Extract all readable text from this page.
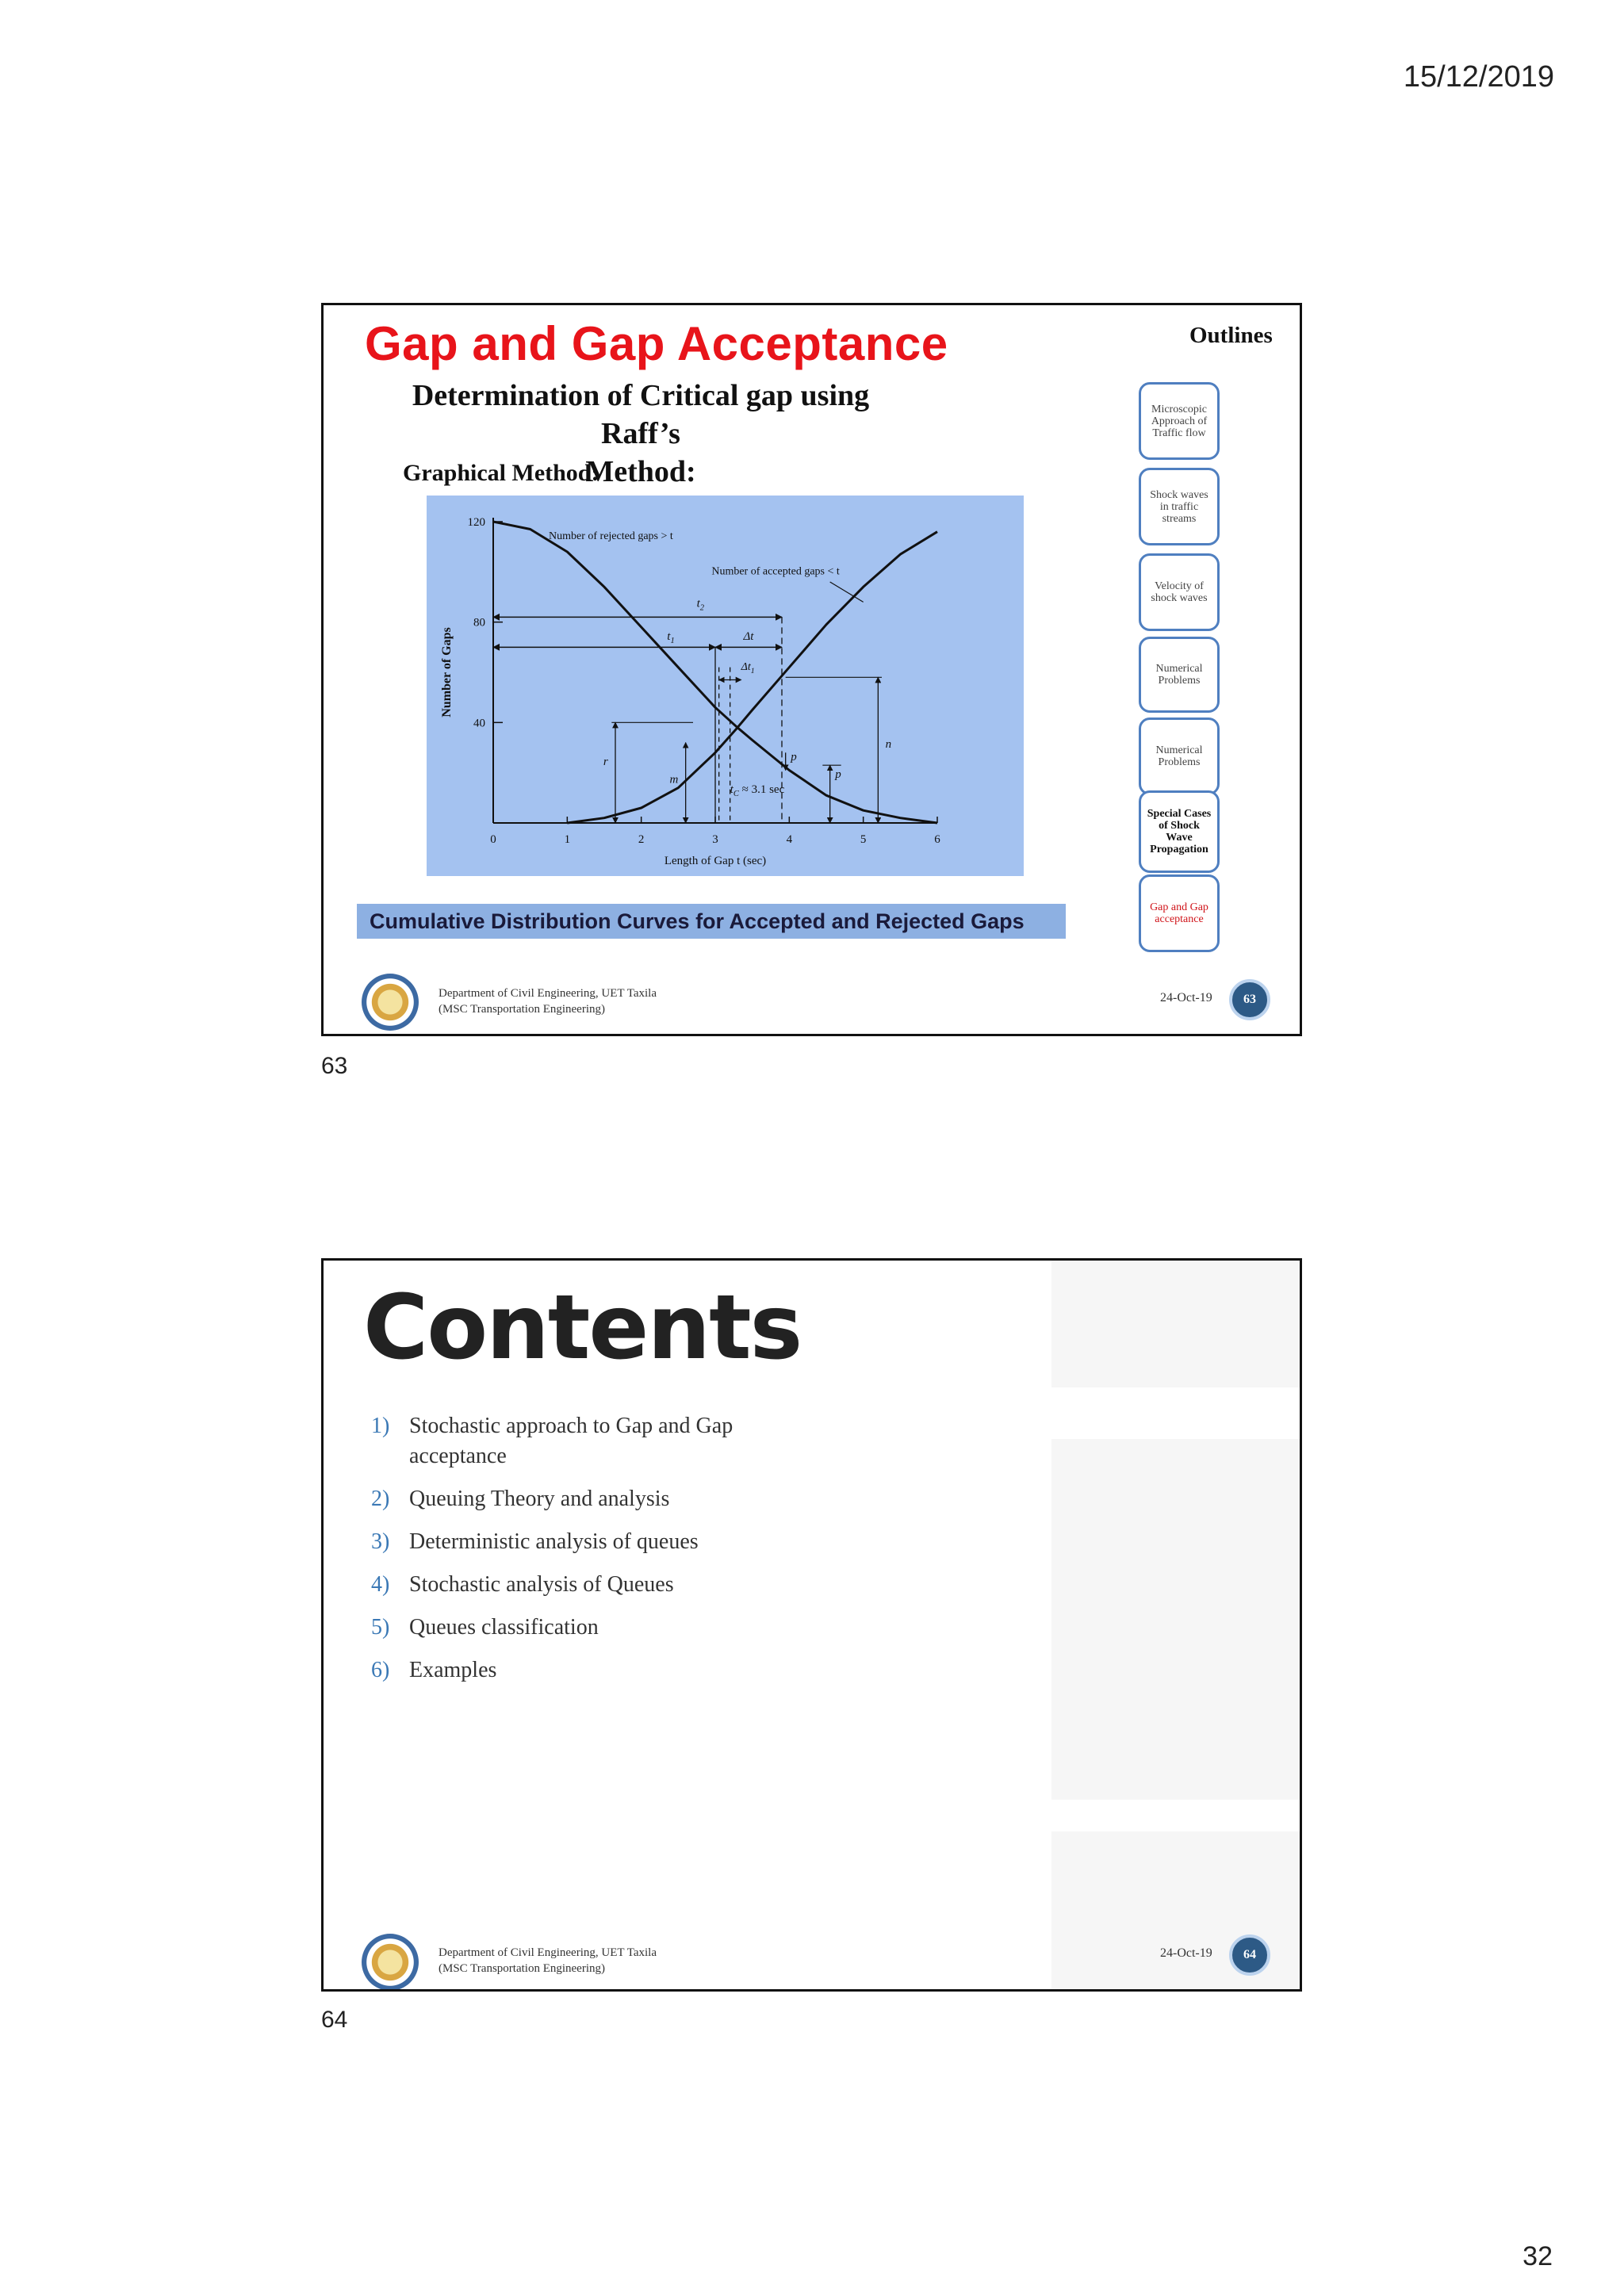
15/12/2019
Gap and Gap Acceptance
Determination of Critical gap using Raff’s
Method:
Graphical Method:
Outlines
Microscopic Approach of Traffic flow
Shock waves in traffic streams
Velocity of shock waves
Numerical Problems
Numerical Problems
Special Cases of Shock Wave Propagation
Gap and Gap acceptance
0	1	2	3	4	5	6
40
80
120
Length of Gap t (sec)
Number of Gaps
Number of rejected gaps > t
Number of accepted gaps < t
$t_2$
$t_1$	Δt
$\Delta t_1$
r
m
p
p
n
$t_C \approx 3.1$ sec
Cumulative Distribution Curves for Accepted and Rejected Gaps
Department of Civil Engineering, UET Taxila
(MSC Transportation Engineering)
24-Oct-19	63
63
Contents
1) Stochastic approach to Gap and Gap acceptance
2) Queuing Theory and analysis
3) Deterministic analysis of queues
4) Stochastic analysis of Queues
5) Queues classification
6) Examples
Department of Civil Engineering, UET Taxila
(MSC Transportation Engineering)
24-Oct-19	64
64
32
